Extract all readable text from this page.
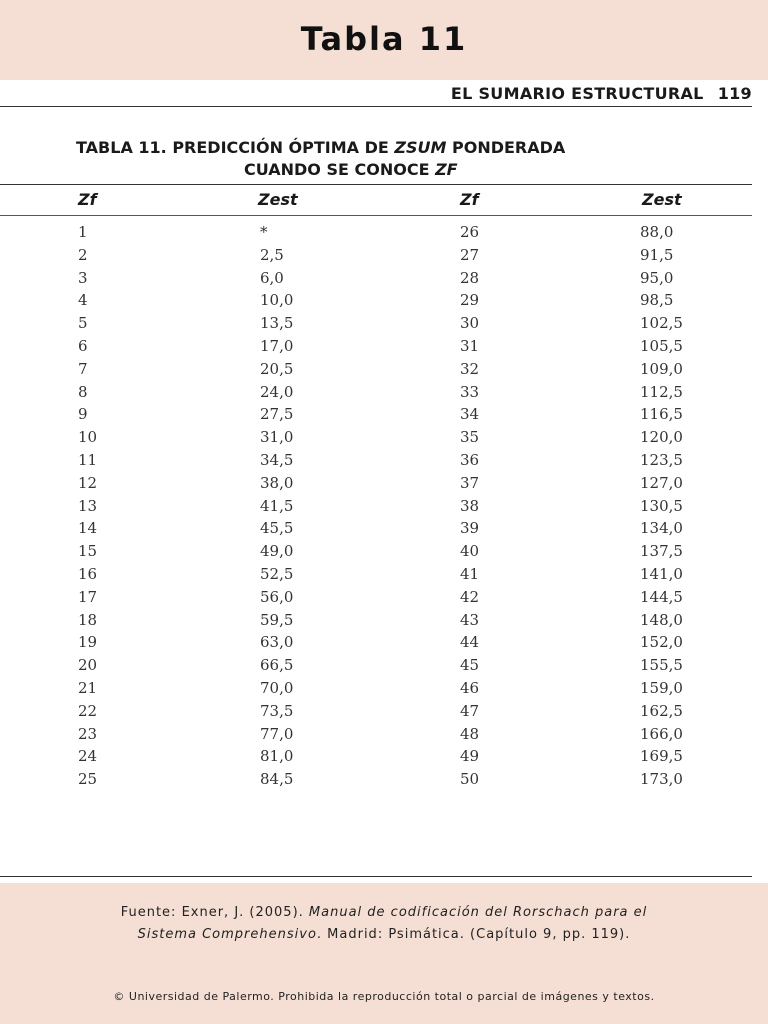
Tabla 11
EL SUMARIO ESTRUCTURAL 119
TABLA 11. PREDICCIÓN ÓPTIMA DE ZSUM PONDERADA
CUANDO SE CONOCE ZF
Zf	Zest	Zf	Zest
1	*	26	88,0
2	2,5	27	91,5
3	6,0	28	95,0
4	10,0	29	98,5
5	13,5	30	102,5
6	17,0	31	105,5
7	20,5	32	109,0
8	24,0	33	112,5
9	27,5	34	116,5
10	31,0	35	120,0
11	34,5	36	123,5
12	38,0	37	127,0
13	41,5	38	130,5
14	45,5	39	134,0
15	49,0	40	137,5
16	52,5	41	141,0
17	56,0	42	144,5
18	59,5	43	148,0
19	63,0	44	152,0
20	66,5	45	155,5
21	70,0	46	159,0
22	73,5	47	162,5
23	77,0	48	166,0
24	81,0	49	169,5
25	84,5	50	173,0
Fuente: Exner, J. (2005). Manual de codificación del Rorschach para el
Sistema Comprehensivo. Madrid: Psimática. (Capítulo 9, pp. 119).
© Universidad de Palermo. Prohibida la reproducción total o parcial de imágenes y textos.
